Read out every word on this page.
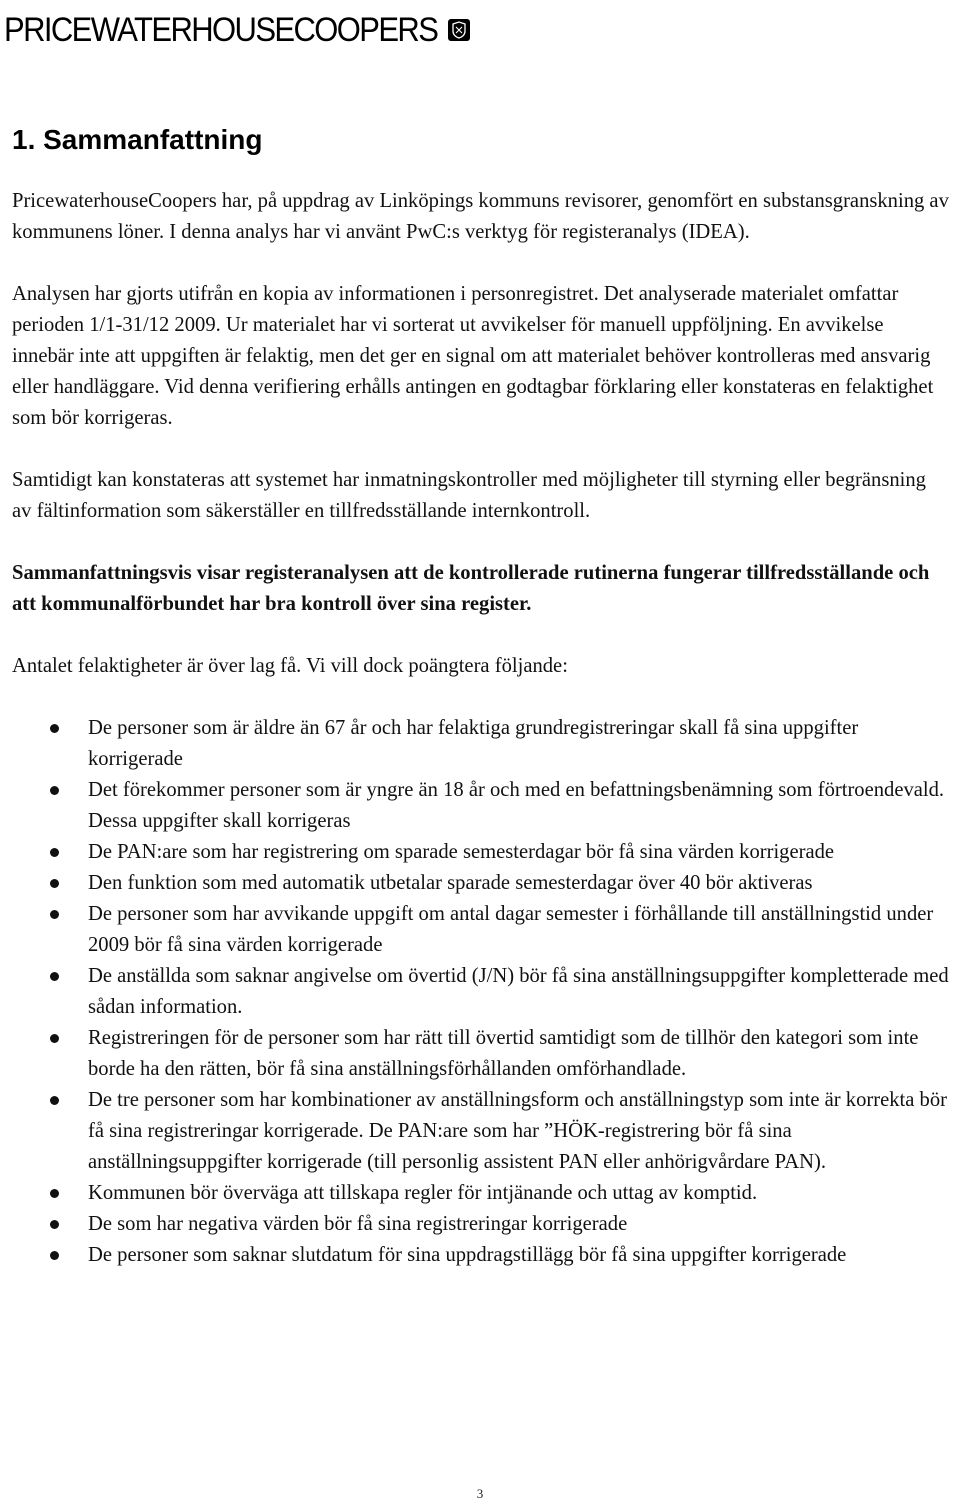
PRICEWATERHOUSECOOPERS
1. Sammanfattning

PricewaterhouseCoopers har, på uppdrag av Linköpings kommuns revisorer, genomfört en substansgranskning av kommunens löner. I denna analys har vi använt PwC:s verktyg för registeranalys (IDEA).

Analysen har gjorts utifrån en kopia av informationen i personregistret. Det analyserade materialet omfattar perioden 1/1-31/12 2009. Ur materialet har vi sorterat ut avvikelser för manuell uppföljning. En avvikelse innebär inte att uppgiften är felaktig, men det ger en signal om att materialet behöver kontrolleras med ansvarig eller handläggare. Vid denna verifiering erhålls antingen en godtagbar förklaring eller konstateras en felaktighet som bör korrigeras.

Samtidigt kan konstateras att systemet har inmatningskontroller med möjligheter till styrning eller begränsning av fältinformation som säkerställer en tillfredsställande internkontroll.

Sammanfattningsvis visar registeranalysen att de kontrollerade rutinerna fungerar tillfredsställande och att kommunalförbundet har bra kontroll över sina register.

Antalet felaktigheter är över lag få. Vi vill dock poängtera följande:

De personer som är äldre än 67 år och har felaktiga grundregistreringar skall få sina uppgifter korrigerade
Det förekommer personer som är yngre än 18 år och med en befattningsbenämning som förtroendevald. Dessa uppgifter skall korrigeras
De PAN:are som har registrering om sparade semesterdagar bör få sina värden korrigerade
Den funktion som med automatik utbetalar sparade semesterdagar över 40 bör aktiveras
De personer som har avvikande uppgift om antal dagar semester i förhållande till anställningstid under 2009 bör få sina värden korrigerade
De anställda som saknar angivelse om övertid (J/N) bör få sina anställningsuppgifter kompletterade med sådan information.
Registreringen för de personer som har rätt till övertid samtidigt som de tillhör den kategori som inte borde ha den rätten, bör få sina anställningsförhållanden omförhandlade.
De tre personer som har kombinationer av anställningsform och anställningstyp som inte är korrekta bör få sina registreringar korrigerade. De PAN:are som har ”HÖK-registrering bör få sina anställningsuppgifter korrigerade (till personlig assistent PAN eller anhörigvårdare PAN).
Kommunen bör överväga att tillskapa regler för intjänande och uttag av komptid.
De som har negativa värden bör få sina registreringar korrigerade
De personer som saknar slutdatum för sina uppdragstillägg bör få sina uppgifter korrigerade
3
